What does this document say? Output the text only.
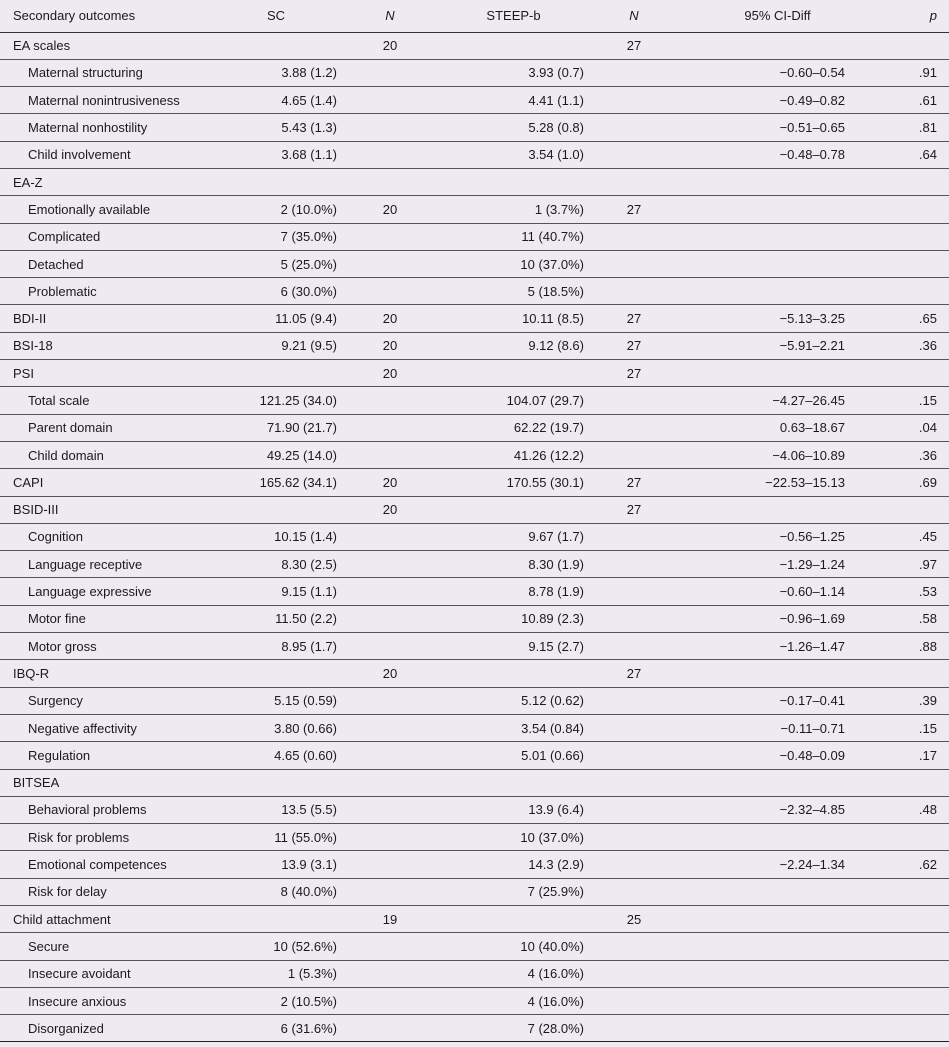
Secondary outcomes	SC	N	STEEP-b	N	95% CI-Diff	p
EA scales		20		27		
Maternal structuring	3.88 (1.2)		3.93 (0.7)		−0.60–0.54	.91
Maternal nonintrusiveness	4.65 (1.4)		4.41 (1.1)		−0.49–0.82	.61
Maternal nonhostility	5.43 (1.3)		5.28 (0.8)		−0.51–0.65	.81
Child involvement	3.68 (1.1)		3.54 (1.0)		−0.48–0.78	.64
EA-Z						
Emotionally available	2 (10.0%)	20	1 (3.7%)	27		
Complicated	7 (35.0%)		11 (40.7%)			
Detached	5 (25.0%)		10 (37.0%)			
Problematic	6 (30.0%)		5 (18.5%)			
BDI-II	11.05 (9.4)	20	10.11 (8.5)	27	−5.13–3.25	.65
BSI-18	9.21 (9.5)	20	9.12 (8.6)	27	−5.91–2.21	.36
PSI		20		27		
Total scale	121.25 (34.0)		104.07 (29.7)		−4.27–26.45	.15
Parent domain	71.90 (21.7)		62.22 (19.7)		0.63–18.67	.04
Child domain	49.25 (14.0)		41.26 (12.2)		−4.06–10.89	.36
CAPI	165.62 (34.1)	20	170.55 (30.1)	27	−22.53–15.13	.69
BSID-III		20		27		
Cognition	10.15 (1.4)		9.67 (1.7)		−0.56–1.25	.45
Language receptive	8.30 (2.5)		8.30 (1.9)		−1.29–1.24	.97
Language expressive	9.15 (1.1)		8.78 (1.9)		−0.60–1.14	.53
Motor fine	11.50 (2.2)		10.89 (2.3)		−0.96–1.69	.58
Motor gross	8.95 (1.7)		9.15 (2.7)		−1.26–1.47	.88
IBQ-R		20		27		
Surgency	5.15 (0.59)		5.12 (0.62)		−0.17–0.41	.39
Negative affectivity	3.80 (0.66)		3.54 (0.84)		−0.11–0.71	.15
Regulation	4.65 (0.60)		5.01 (0.66)		−0.48–0.09	.17
BITSEA						
Behavioral problems	13.5 (5.5)		13.9 (6.4)		−2.32–4.85	.48
Risk for problems	11 (55.0%)		10 (37.0%)			
Emotional competences	13.9 (3.1)		14.3 (2.9)		−2.24–1.34	.62
Risk for delay	8 (40.0%)		7 (25.9%)			
Child attachment		19		25		
Secure	10 (52.6%)		10 (40.0%)			
Insecure avoidant	1 (5.3%)		4 (16.0%)			
Insecure anxious	2 (10.5%)		4 (16.0%)			
Disorganized	6 (31.6%)		7 (28.0%)			
